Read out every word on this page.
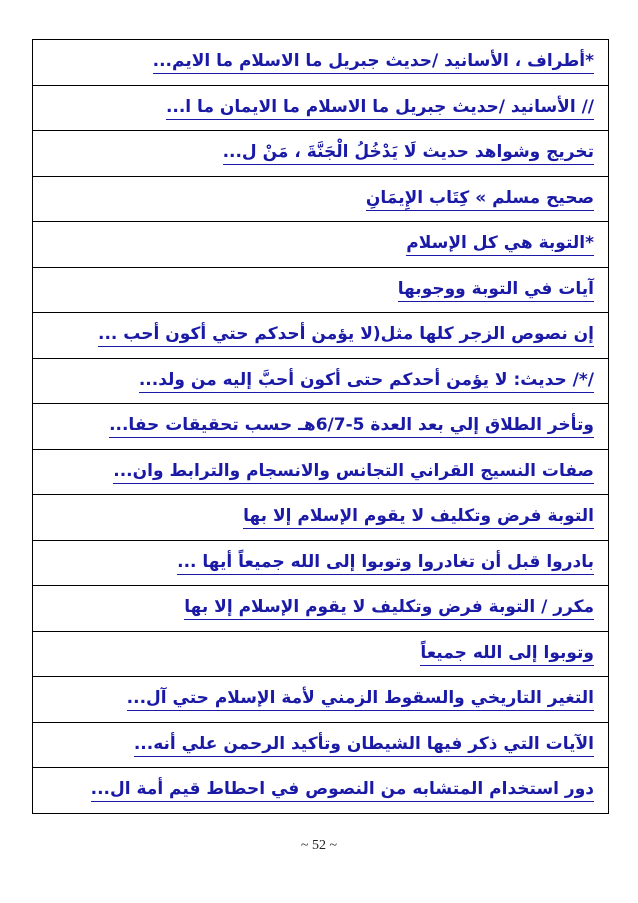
*أطراف ، الأسانيد /حديث جبريل ما الاسلام ما الايم...
// الأسانيد /حديث جبريل ما الاسلام ما الايمان ما ا...
تخريج وشواهد حديث لَا يَدْخُلُ الْجَنَّةَ ، مَنْ ل...
صحيح مسلم » كِتَاب الإِيمَانِ
*التوبة هي كل الإسلام
آيات في التوبة ووجوبها
إن نصوص الزجر كلها مثل(لا يؤمن أحدكم حتي أكون أحب ...
/*/ حديث: لا يؤمن أحدكم حتى أكون أحبَّ إليه من ولد...
وتأخر الطلاق إلي بعد العدة 5-6/7هـ حسب تحقيقات حفا...
صفات النسيج القراني التجانس والانسجام والترابط وان...
التوبة فرض وتكليف لا يقوم الإسلام إلا بها
بادروا قبل أن تغادروا وتوبوا إلى الله جميعاً أيها ...
مكرر / التوبة فرض وتكليف لا يقوم الإسلام إلا بها
وتوبوا إلى الله جميعاً
التغير التاريخي والسقوط الزمني لأمة الإسلام حتي آل...
الآيات التي ذكر فيها الشيطان وتأكيد الرحمن علي أنه...
دور استخدام المتشابه من النصوص في احطاط قيم أمة ال...
~ 52 ~
